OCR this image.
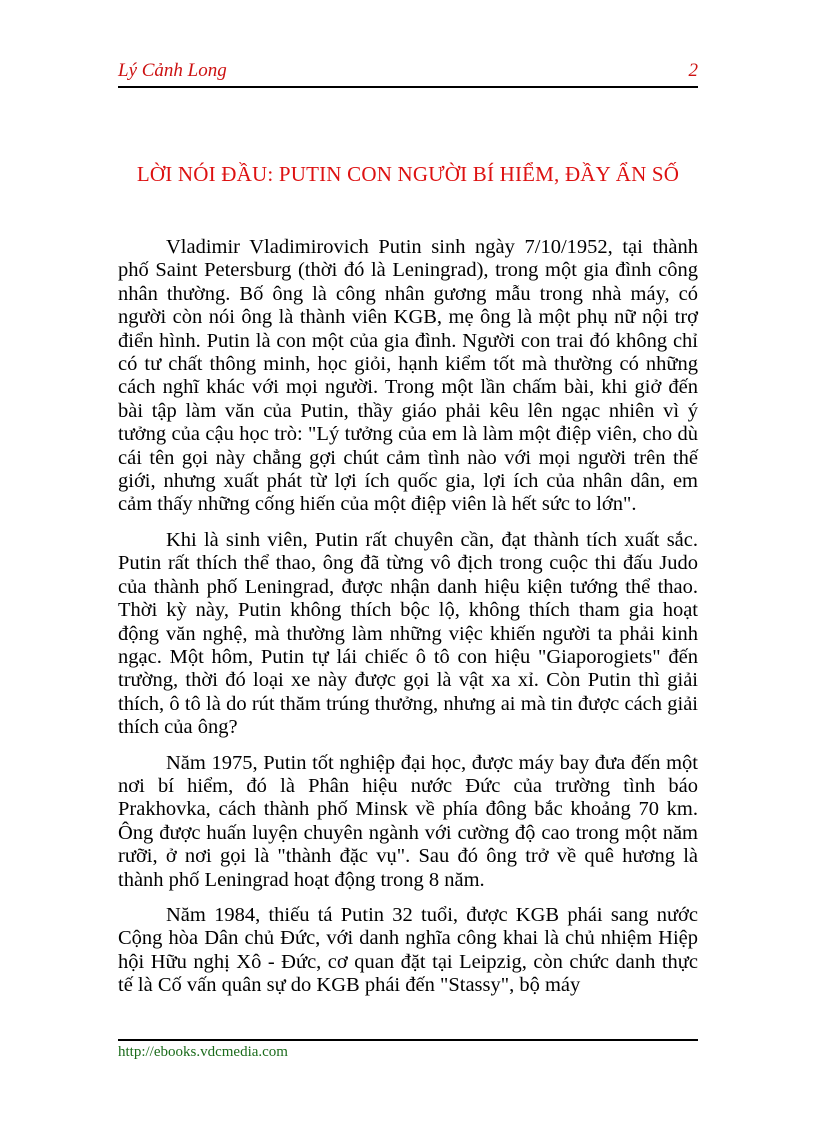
Lý Cảnh Long	2
LỜI NÓI ĐẦU: PUTIN CON NGƯỜI BÍ HIỂM, ĐẦY ẨN SỐ

Vladimir Vladimirovich Putin sinh ngày 7/10/1952, tại thành phố Saint Petersburg (thời đó là Leningrad), trong một gia đình công nhân thường. Bố ông là công nhân gương mẫu trong nhà máy, có người còn nói ông là thành viên KGB, mẹ ông là một phụ nữ nội trợ điển hình. Putin là con một của gia đình. Người con trai đó không chỉ có tư chất thông minh, học giỏi, hạnh kiểm tốt mà thường có những cách nghĩ khác với mọi người. Trong một lần chấm bài, khi giở đến bài tập làm văn của Putin, thầy giáo phải kêu lên ngạc nhiên vì ý tưởng của cậu học trò: "Lý tưởng của em là làm một điệp viên, cho dù cái tên gọi này chẳng gợi chút cảm tình nào với mọi người trên thế giới, nhưng xuất phát từ lợi ích quốc gia, lợi ích của nhân dân, em cảm thấy những cống hiến của một điệp viên là hết sức to lớn".

Khi là sinh viên, Putin rất chuyên cần, đạt thành tích xuất sắc. Putin rất thích thể thao, ông đã từng vô địch trong cuộc thi đấu Judo của thành phố Leningrad, được nhận danh hiệu kiện tướng thể thao. Thời kỳ này, Putin không thích bộc lộ, không thích tham gia hoạt động văn nghệ, mà thường làm những việc khiến người ta phải kinh ngạc. Một hôm, Putin tự lái chiếc ô tô con hiệu "Giaporogiets" đến trường, thời đó loại xe này được gọi là vật xa xỉ. Còn Putin thì giải thích, ô tô là do rút thăm trúng thưởng, nhưng ai mà tin được cách giải thích của ông?

Năm 1975, Putin tốt nghiệp đại học, được máy bay đưa đến một nơi bí hiểm, đó là Phân hiệu nước Đức của trường tình báo Prakhovka, cách thành phố Minsk về phía đông bắc khoảng 70 km. Ông được huấn luyện chuyên ngành với cường độ cao trong một năm rưỡi, ở nơi gọi là "thành đặc vụ". Sau đó ông trở về quê hương là thành phố Leningrad hoạt động trong 8 năm.

Năm 1984, thiếu tá Putin 32 tuổi, được KGB phái sang nước Cộng hòa Dân chủ Đức, với danh nghĩa công khai là chủ nhiệm Hiệp hội Hữu nghị Xô - Đức, cơ quan đặt tại Leipzig, còn chức danh thực tế là Cố vấn quân sự do KGB phái đến "Stassy", bộ máy

http://ebooks.vdcmedia.com
